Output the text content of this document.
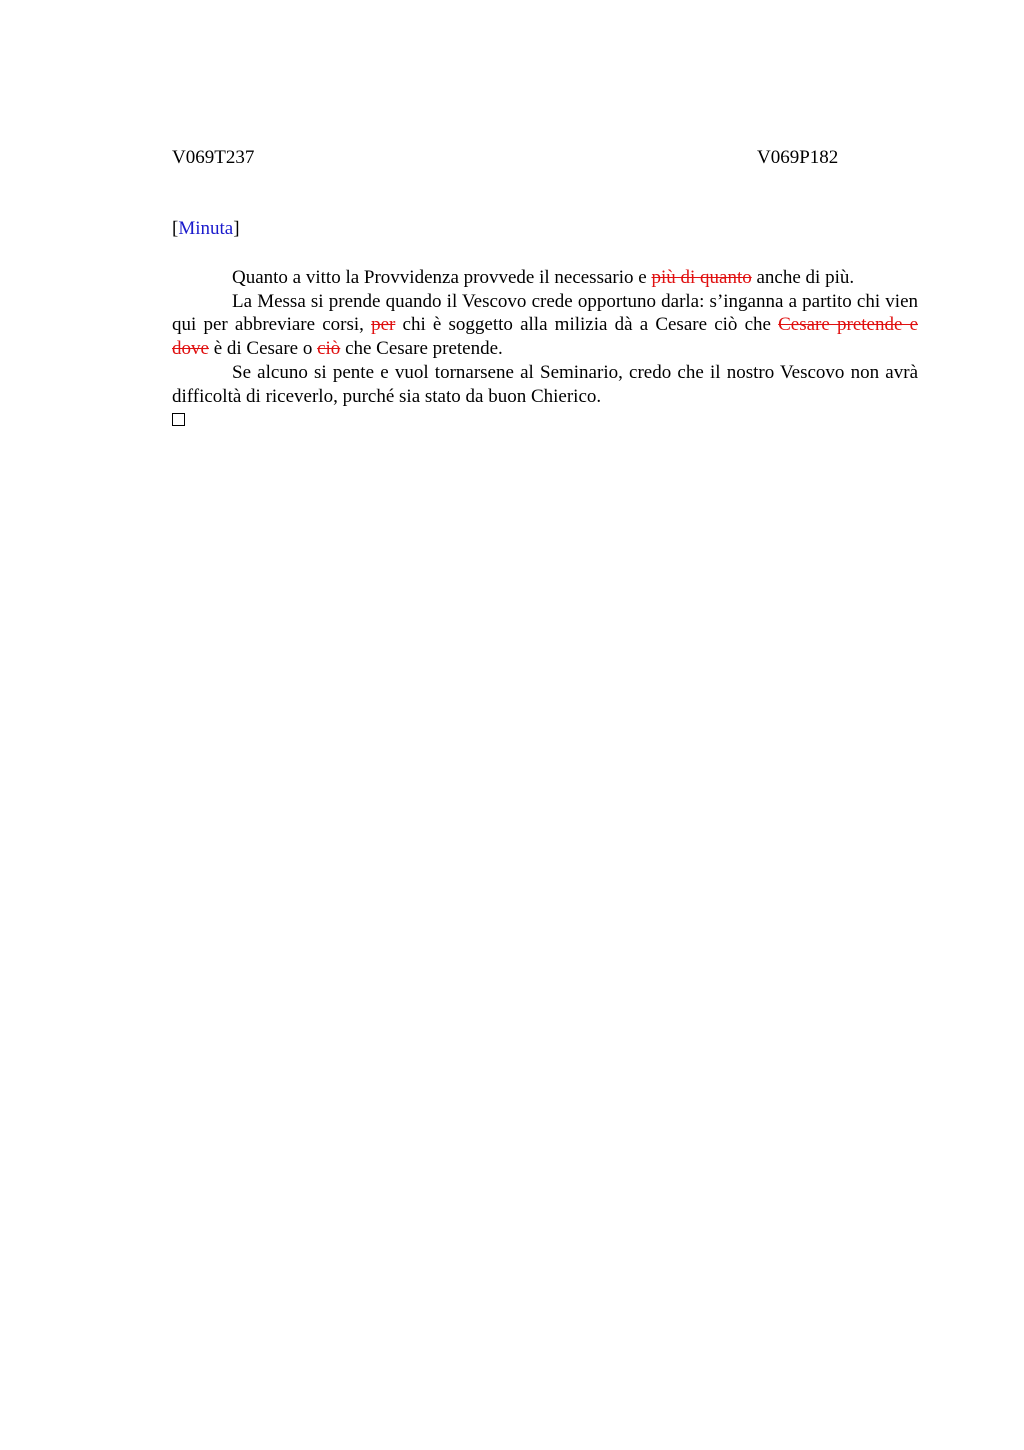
V069T237	V069P182
[Minuta]

Quanto a vitto la Provvidenza provvede il necessario e più di quanto anche di più.

La Messa si prende quando il Vescovo crede opportuno darla: s’inganna a partito chi vien qui per abbreviare corsi, per chi è soggetto alla milizia dà a Cesare ciò che Cesare pretende e dove è di Cesare o ciò che Cesare pretende.

Se alcuno si pente e vuol tornarsene al Seminario, credo che il nostro Vescovo non avrà difficoltà di riceverlo, purché sia stato da buon Chierico.
